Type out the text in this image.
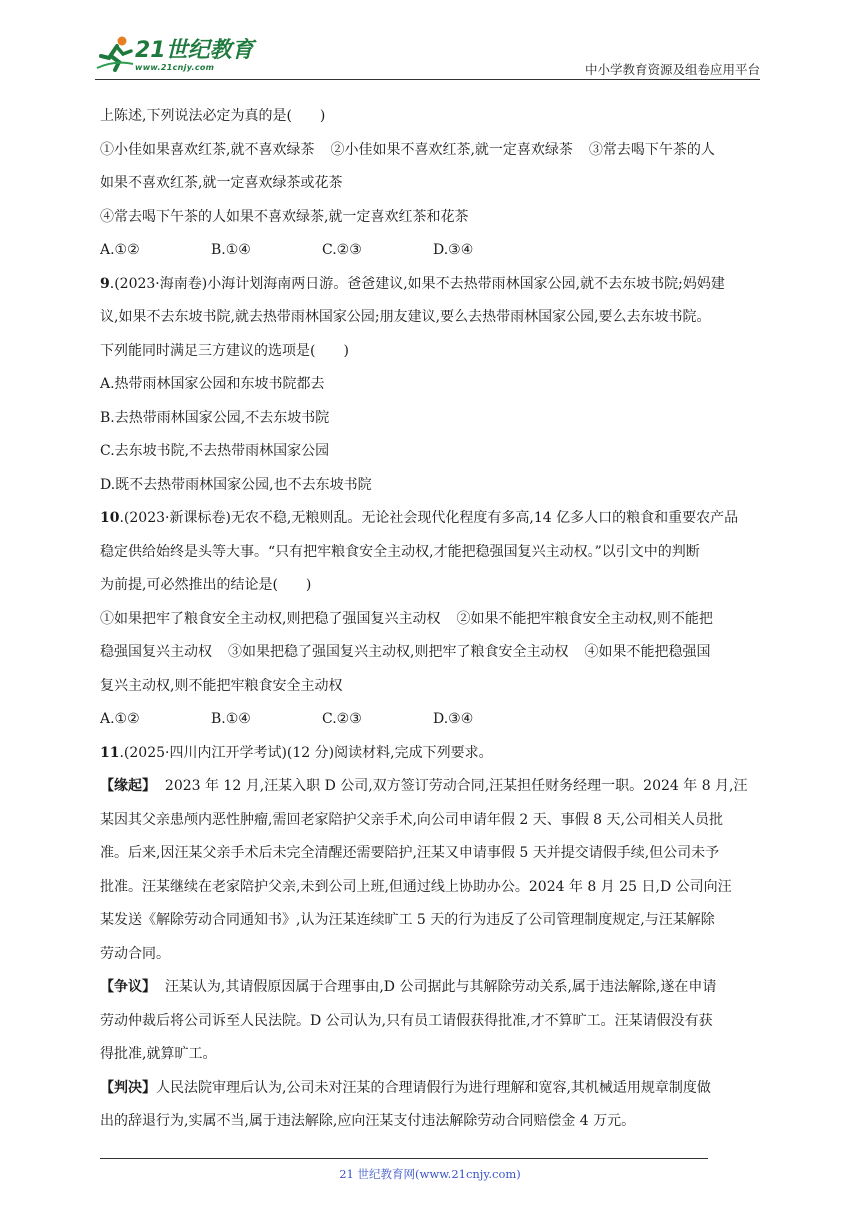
21世纪教育
www.21cnjy.com	中小学教育资源及组卷应用平台
上陈述,下列说法必定为真的是(　　)
①小佳如果喜欢红茶,就不喜欢绿茶 ②小佳如果不喜欢红茶,就一定喜欢绿茶 ③常去喝下午茶的人
如果不喜欢红茶,就一定喜欢绿茶或花茶
④常去喝下午茶的人如果不喜欢绿茶,就一定喜欢红茶和花茶
A.①②	B.①④	C.②③	D.③④
9.(2023·海南卷)小海计划海南两日游。爸爸建议,如果不去热带雨林国家公园,就不去东坡书院;妈妈建
议,如果不去东坡书院,就去热带雨林国家公园;朋友建议,要么去热带雨林国家公园,要么去东坡书院。
下列能同时满足三方建议的选项是(　　)
A.热带雨林国家公园和东坡书院都去
B.去热带雨林国家公园,不去东坡书院
C.去东坡书院,不去热带雨林国家公园
D.既不去热带雨林国家公园,也不去东坡书院
10.(2023·新课标卷)无农不稳,无粮则乱。无论社会现代化程度有多高,14 亿多人口的粮食和重要农产品
稳定供给始终是头等大事。“只有把牢粮食安全主动权,才能把稳强国复兴主动权。”以引文中的判断
为前提,可必然推出的结论是(　　)
①如果把牢了粮食安全主动权,则把稳了强国复兴主动权 ②如果不能把牢粮食安全主动权,则不能把
稳强国复兴主动权 ③如果把稳了强国复兴主动权,则把牢了粮食安全主动权 ④如果不能把稳强国
复兴主动权,则不能把牢粮食安全主动权
A.①②	B.①④	C.②③	D.③④
11.(2025·四川内江开学考试)(12 分)阅读材料,完成下列要求。
【缘起】 2023 年 12 月,汪某入职 D 公司,双方签订劳动合同,汪某担任财务经理一职。2024 年 8 月,汪
某因其父亲患颅内恶性肿瘤,需回老家陪护父亲手术,向公司申请年假 2 天、事假 8 天,公司相关人员批
准。后来,因汪某父亲手术后未完全清醒还需要陪护,汪某又申请事假 5 天并提交请假手续,但公司未予
批准。汪某继续在老家陪护父亲,未到公司上班,但通过线上协助办公。2024 年 8 月 25 日,D 公司向汪
某发送《解除劳动合同通知书》,认为汪某连续旷工 5 天的行为违反了公司管理制度规定,与汪某解除
劳动合同。
【争议】 汪某认为,其请假原因属于合理事由,D 公司据此与其解除劳动关系,属于违法解除,遂在申请
劳动仲裁后将公司诉至人民法院。D 公司认为,只有员工请假获得批准,才不算旷工。汪某请假没有获
得批准,就算旷工。
【判决】人民法院审理后认为,公司未对汪某的合理请假行为进行理解和宽容,其机械适用规章制度做
出的辞退行为,实属不当,属于违法解除,应向汪某支付违法解除劳动合同赔偿金 4 万元。
21 世纪教育网(www.21cnjy.com)
